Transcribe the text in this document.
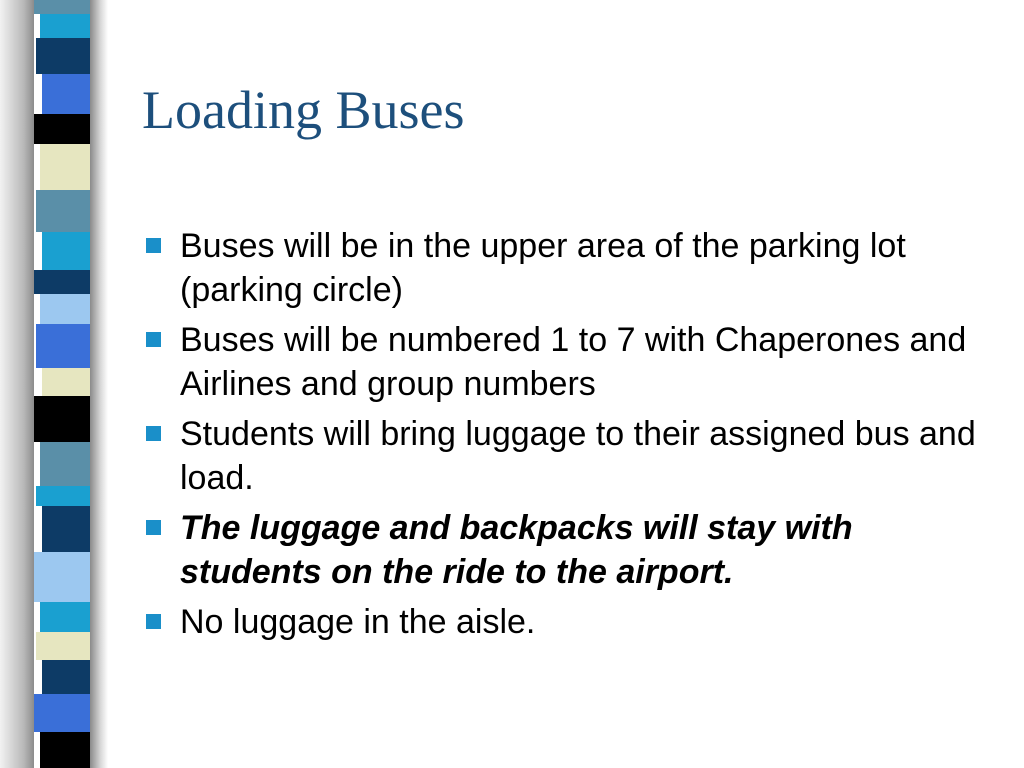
Loading Buses
Buses will be in the upper area of the parking lot (parking circle)
Buses will be numbered 1 to 7 with Chaperones and Airlines and group numbers
Students will bring luggage to their assigned bus and load.
The luggage and backpacks will stay with students on the ride to the airport.
No luggage in the aisle.
